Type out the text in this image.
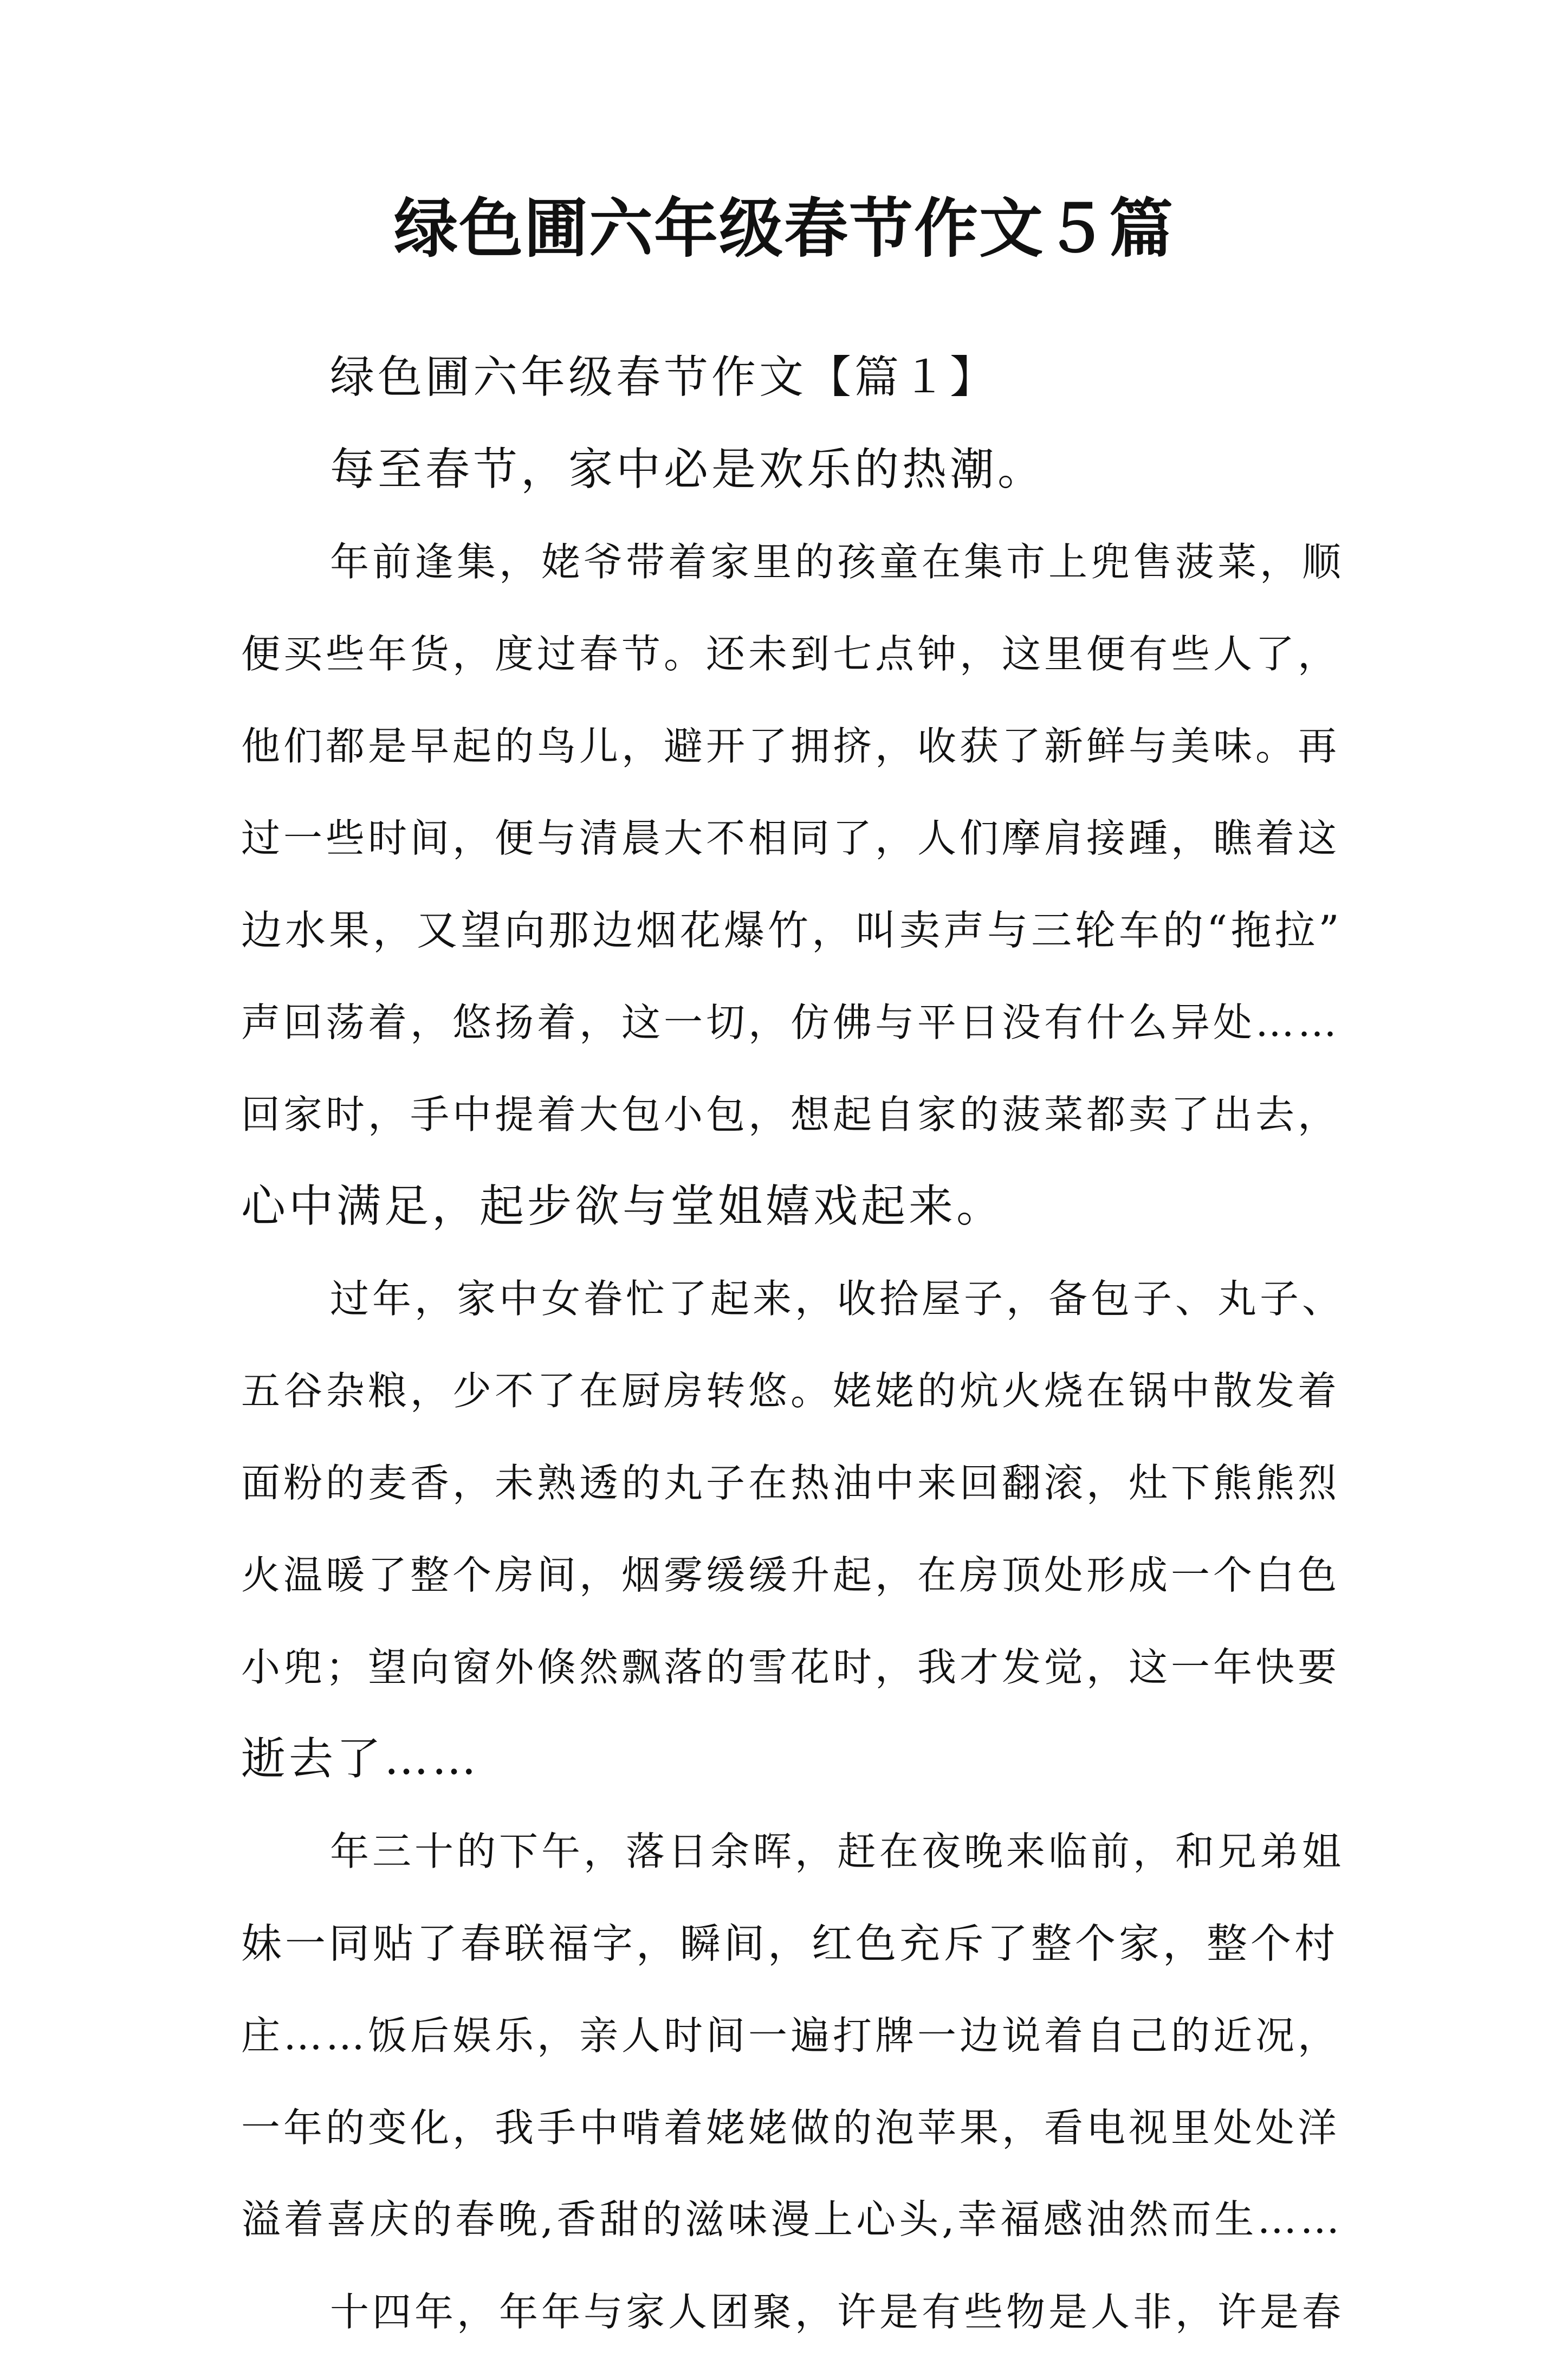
绿色圃六年级春节作文５篇
绿色圃六年级春节作文【篇１】
每至春节，家中必是欢乐的热潮。
年前逢集，姥爷带着家里的孩童在集市上兜售菠菜，顺
便买些年货，度过春节。还未到七点钟，这里便有些人了，
他们都是早起的鸟儿，避开了拥挤，收获了新鲜与美味。再
过一些时间，便与清晨大不相同了，人们摩肩接踵，瞧着这
边水果，又望向那边烟花爆竹，叫卖声与三轮车的“拖拉”
声回荡着，悠扬着，这一切，仿佛与平日没有什么异处……
回家时，手中提着大包小包，想起自家的菠菜都卖了出去，
心中满足，起步欲与堂姐嬉戏起来。
过年，家中女眷忙了起来，收拾屋子，备包子、丸子、
五谷杂粮，少不了在厨房转悠。姥姥的炕火烧在锅中散发着
面粉的麦香，未熟透的丸子在热油中来回翻滚，灶下熊熊烈
火温暖了整个房间，烟雾缓缓升起，在房顶处形成一个白色
小兜；望向窗外倏然飘落的雪花时，我才发觉，这一年快要
逝去了……
年三十的下午，落日余晖，赶在夜晚来临前，和兄弟姐
妹一同贴了春联福字，瞬间，红色充斥了整个家，整个村
庄……饭后娱乐，亲人时间一遍打牌一边说着自己的近况，
一年的变化，我手中啃着姥姥做的泡苹果，看电视里处处洋
溢着喜庆的春晚,香甜的滋味漫上心头,幸福感油然而生……
十四年，年年与家人团聚，许是有些物是人非，许是春
